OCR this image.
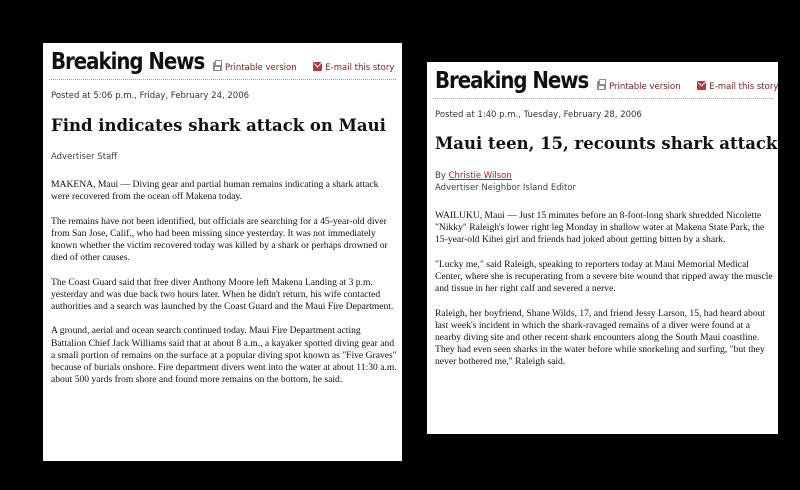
Breaking News	Printable version	E-mail this story
Posted at 5:06 p.m., Friday, February 24, 2006
Find indicates shark attack on Maui
Advertiser Staff

MAKENA, Maui — Diving gear and partial human remains indicating a shark attack were recovered from the ocean off Makena today.

The remains have not been identified, but officials are searching for a 45-year-old diver from San Jose, Calif., who had been missing since yesterday. It was not immediately known whether the victim recovered today was killed by a shark or perhaps drowned or died of other causes.

The Coast Guard said that free diver Anthony Moore left Makena Landing at 3 p.m. yesterday and was due back two hours later. When he didn't return, his wife contacted authorities and a search was launched by the Coast Guard and the Maui Fire Department.

A ground, aerial and ocean search continued today. Maui Fire Department acting Battalion Chief Jack Williams said that at about 8 a.m., a kayaker spotted diving gear and a small portion of remains on the surface at a popular diving spot known as "Five Graves" because of burials onshore. Fire department divers went into the water at about 11:30 a.m. about 500 yards from shore and found more remains on the bottom, he said.

Breaking News	Printable version	E-mail this story
Posted at 1:40 p.m., Tuesday, February 28, 2006
Maui teen, 15, recounts shark attack
By Christie Wilson
Advertiser Neighbor Island Editor

WAILUKU, Maui — Just 15 minutes before an 8-foot-long shark shredded Nicolette "Nikky" Raleigh's lower right leg Monday in shallow water at Makena State Park, the 15-year-old Kihei girl and friends had joked about getting bitten by a shark.

"Lucky me," said Raleigh, speaking to reporters today at Maui Memorial Medical Center, where she is recuperating from a severe bite wound that ripped away the muscle and tissue in her right calf and severed a nerve.

Raleigh, her boyfriend, Shane Wilds, 17, and friend Jessy Larson, 15, had heard about last week's incident in which the shark-ravaged remains of a diver were found at a nearby diving site and other recent shark encounters along the South Maui coastline. They had even seen sharks in the water before while snorkeling and surfing, "but they never bothered me," Raleigh said.
